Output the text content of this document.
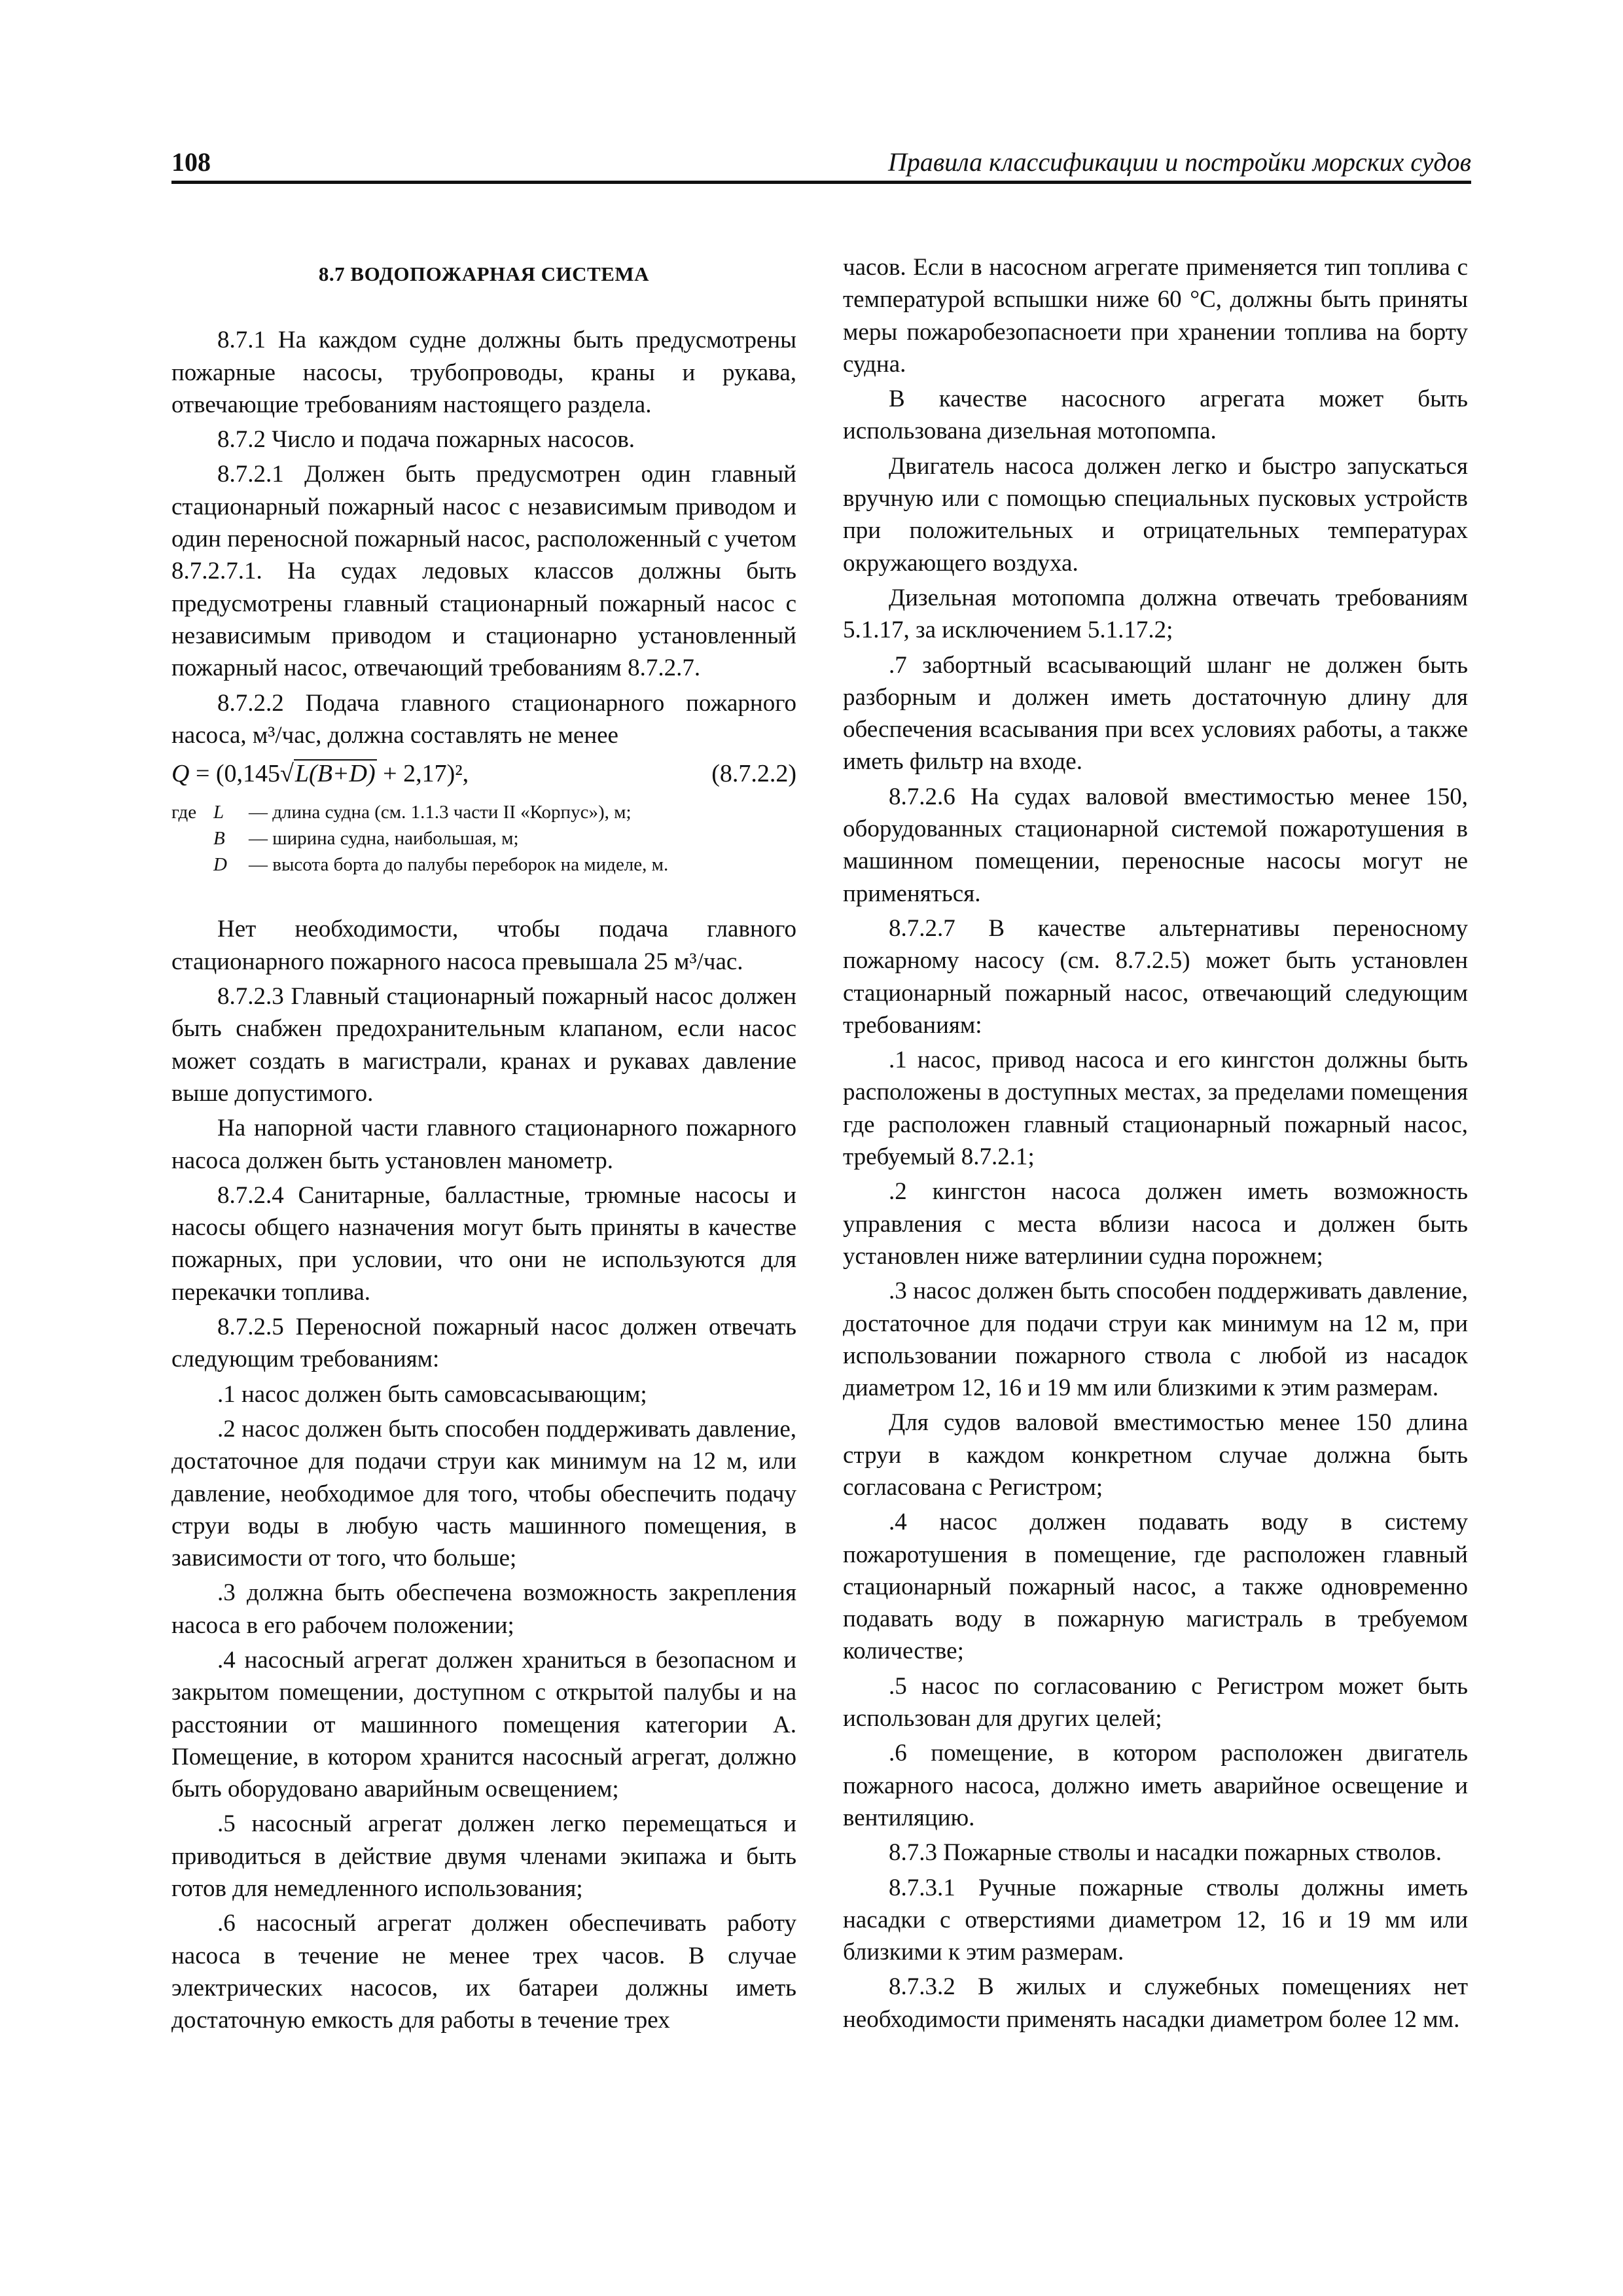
108	Правила классификации и постройки морских судов
8.7 ВОДОПОЖАРНАЯ СИСТЕМА

8.7.1 На каждом судне должны быть предусмотрены пожарные насосы, трубопроводы, краны и рукава, отвечающие требованиям настоящего раздела.

8.7.2 Число и подача пожарных насосов.

8.7.2.1 Должен быть предусмотрен один главный стационарный пожарный насос с независимым приводом и один переносной пожарный насос, расположенный с учетом 8.7.2.7.1. На судах ледовых классов должны быть предусмотрены главный стационарный пожарный насос с независимым приводом и стационарно установленный пожарный насос, отвечающий требованиям 8.7.2.7.

8.7.2.2 Подача главного стационарного пожарного насоса, м³/час, должна составлять не менее

Q = (0,145√L(B+D) + 2,17)²,	(8.7.2.2)
где L	— длина судна (см. 1.1.3 части II «Корпус»), м;
B	— ширина судна, наибольшая, м;
D	— высота борта до палубы переборок на миделе, м.

Нет необходимости, чтобы подача главного стационарного пожарного насоса превышала 25 м³/час.

8.7.2.3 Главный стационарный пожарный насос должен быть снабжен предохранительным клапаном, если насос может создать в магистрали, кранах и рукавах давление выше допустимого.

На напорной части главного стационарного пожарного насоса должен быть установлен манометр.

8.7.2.4 Санитарные, балластные, трюмные насосы и насосы общего назначения могут быть приняты в качестве пожарных, при условии, что они не используются для перекачки топлива.

8.7.2.5 Переносной пожарный насос должен отвечать следующим требованиям:

.1 насос должен быть самовсасывающим;

.2 насос должен быть способен поддерживать давление, достаточное для подачи струи как минимум на 12 м, или давление, необходимое для того, чтобы обеспечить подачу струи воды в любую часть машинного помещения, в зависимости от того, что больше;

.3 должна быть обеспечена возможность закрепления насоса в его рабочем положении;

.4 насосный агрегат должен храниться в безопасном и закрытом помещении, доступном с открытой палубы и на расстоянии от машинного помещения категории А. Помещение, в котором хранится насосный агрегат, должно быть оборудовано аварийным освещением;

.5 насосный агрегат должен легко перемещаться и приводиться в действие двумя членами экипажа и быть готов для немедленного использования;

.6 насосный агрегат должен обеспечивать работу насоса в течение не менее трех часов. В случае электрических насосов, их батареи должны иметь достаточную емкость для работы в течение трех

часов. Если в насосном агрегате применяется тип топлива с температурой вспышки ниже 60 °С, должны быть приняты меры пожаробезопасноети при хранении топлива на борту судна.

В качестве насосного агрегата может быть использована дизельная мотопомпа.

Двигатель насоса должен легко и быстро запускаться вручную или с помощью специальных пусковых устройств при положительных и отрицательных температурах окружающего воздуха.

Дизельная мотопомпа должна отвечать требованиям 5.1.17, за исключением 5.1.17.2;

.7 забортный всасывающий шланг не должен быть разборным и должен иметь достаточную длину для обеспечения всасывания при всех условиях работы, а также иметь фильтр на входе.

8.7.2.6 На судах валовой вместимостью менее 150, оборудованных стационарной системой пожаротушения в машинном помещении, переносные насосы могут не применяться.

8.7.2.7 В качестве альтернативы переносному пожарному насосу (см. 8.7.2.5) может быть установлен стационарный пожарный насос, отвечающий следующим требованиям:

.1 насос, привод насоса и его кингстон должны быть расположены в доступных местах, за пределами помещения где расположен главный стационарный пожарный насос, требуемый 8.7.2.1;

.2 кингстон насоса должен иметь возможность управления с места вблизи насоса и должен быть установлен ниже ватерлинии судна порожнем;

.3 насос должен быть способен поддерживать давление, достаточное для подачи струи как минимум на 12 м, при использовании пожарного ствола с любой из насадок диаметром 12, 16 и 19 мм или близкими к этим размерам.

Для судов валовой вместимостью менее 150 длина струи в каждом конкретном случае должна быть согласована с Регистром;

.4 насос должен подавать воду в систему пожаротушения в помещение, где расположен главный стационарный пожарный насос, а также одновременно подавать воду в пожарную магистраль в требуемом количестве;

.5 насос по согласованию с Регистром может быть использован для других целей;

.6 помещение, в котором расположен двигатель пожарного насоса, должно иметь аварийное освещение и вентиляцию.

8.7.3 Пожарные стволы и насадки пожарных стволов.

8.7.3.1 Ручные пожарные стволы должны иметь насадки с отверстиями диаметром 12, 16 и 19 мм или близкими к этим размерам.

8.7.3.2 В жилых и служебных помещениях нет необходимости применять насадки диаметром более 12 мм.
